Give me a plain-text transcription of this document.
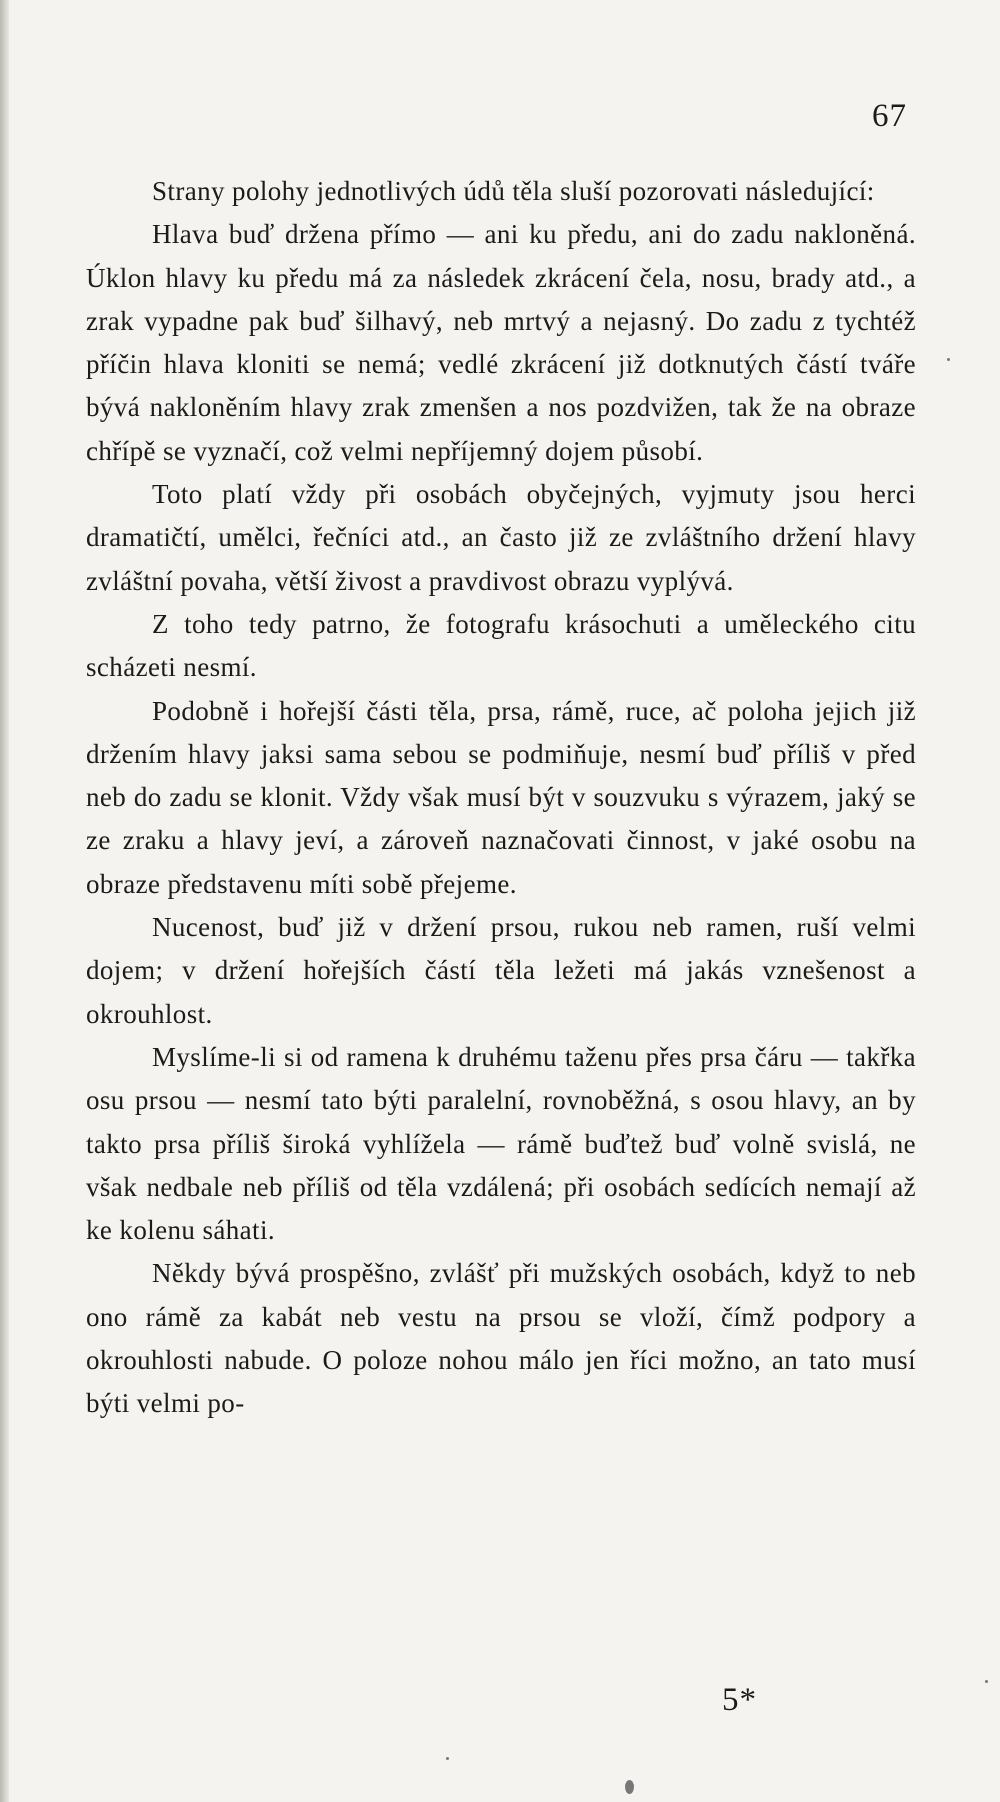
67

Strany polohy jednotlivých údů těla sluší pozorovati následující:

Hlava buď držena přímo — ani ku předu, ani do zadu nakloněná. Úklon hlavy ku předu má za následek zkrácení čela, nosu, brady atd., a zrak vypadne pak buď šilhavý, neb mrtvý a nejasný. Do zadu z tychtéž příčin hlava kloniti se nemá; vedlé zkrácení již dotknutých částí tváře bývá nakloněním hlavy zrak zmenšen a nos pozdvižen, tak že na obraze chřípě se vyznačí, což velmi nepříjemný dojem působí.

Toto platí vždy při osobách obyčejných, vyjmuty jsou herci dramatičtí, umělci, řečníci atd., an často již ze zvláštního držení hlavy zvláštní povaha, větší živost a pravdivost obrazu vyplývá.

Z toho tedy patrno, že fotografu krásochuti a uměleckého citu scházeti nesmí.

Podobně i hořejší části těla, prsa, rámě, ruce, ač poloha jejich již držením hlavy jaksi sama sebou se podmiňuje, nesmí buď příliš v před neb do zadu se klonit. Vždy však musí být v souzvuku s výrazem, jaký se ze zraku a hlavy jeví, a zároveň naznačovati činnost, v jaké osobu na obraze představenu míti sobě přejeme.

Nucenost, buď již v držení prsou, rukou neb ramen, ruší velmi dojem; v držení hořejších částí těla ležeti má jakás vznešenost a okrouhlost.

Myslíme-li si od ramena k druhému taženu přes prsa čáru — takřka osu prsou — nesmí tato býti paralelní, rovnoběžná, s osou hlavy, an by takto prsa příliš široká vyhlížela — rámě buďtež buď volně svislá, ne však nedbale neb příliš od těla vzdálená; při osobách sedících nemají až ke kolenu sáhati.

Někdy bývá prospěšno, zvlášť při mužských osobách, když to neb ono rámě za kabát neb vestu na prsou se vloží, čímž podpory a okrouhlosti nabude. O poloze nohou málo jen říci možno, an tato musí býti velmi po-

5*
